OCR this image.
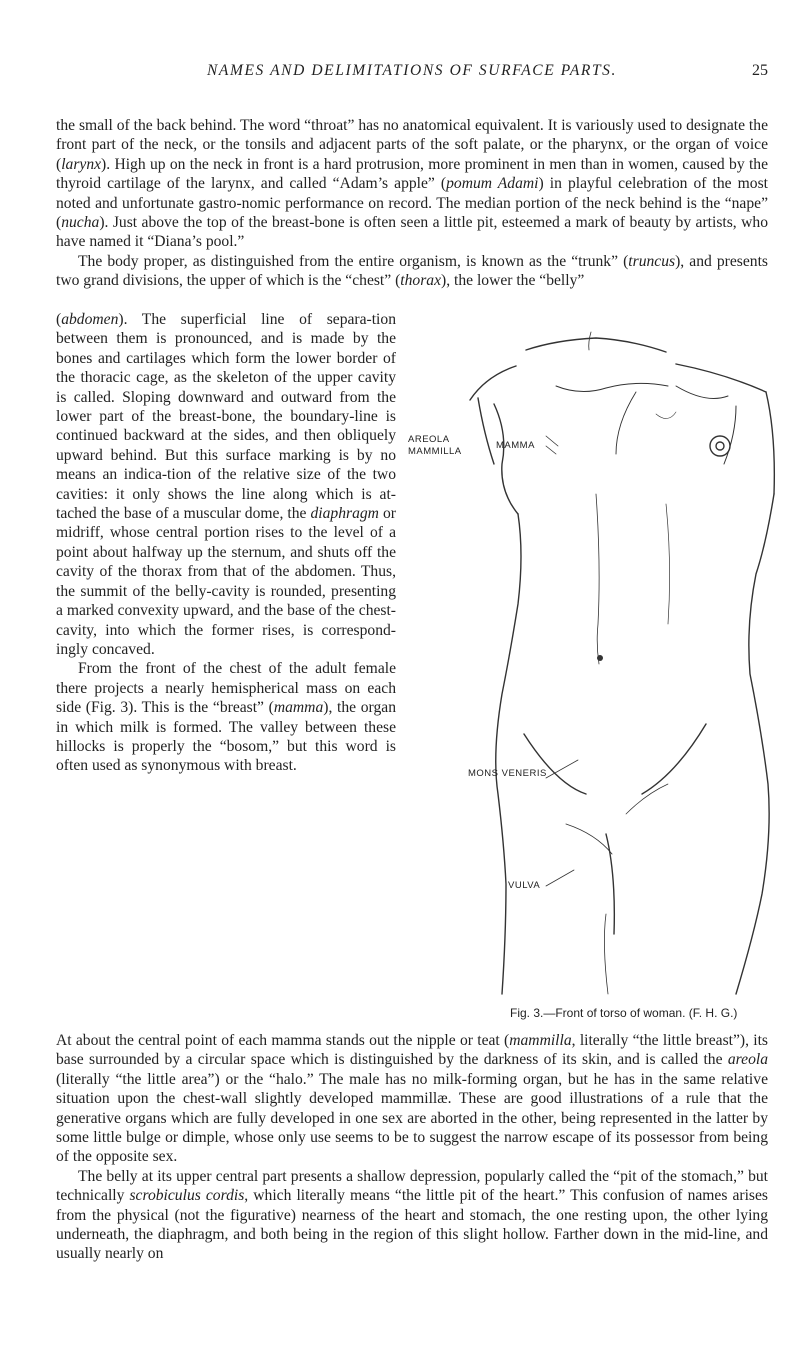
NAMES AND DELIMITATIONS OF SURFACE PARTS.	25

the small of the back behind. The word “throat” has no anatomical equivalent. It is variously used to designate the front part of the neck, or the tonsils and adjacent parts of the soft palate, or the pharynx, or the organ of voice (larynx). High up on the neck in front is a hard protrusion, more prominent in men than in women, caused by the thyroid cartilage of the larynx, and called “Adam’s apple” (pomum Adami) in playful celebration of the most noted and unfortunate gastro-nomic performance on record. The median portion of the neck behind is the “nape” (nucha). Just above the top of the breast-bone is often seen a little pit, esteemed a mark of beauty by artists, who have named it “Diana’s pool.”

The body proper, as distinguished from the entire organism, is known as the “trunk” (truncus), and presents two grand divisions, the upper of which is the “chest” (thorax), the lower the “belly”

(abdomen). The superficial line of separa-tion between them is pronounced, and is made by the bones and cartilages which form the lower border of the thoracic cage, as the skeleton of the upper cavity is called. Sloping downward and outward from the lower part of the breast-bone, the boundary-line is continued backward at the sides, and then obliquely upward behind. But this surface marking is by no means an indica-tion of the relative size of the two cavities: it only shows the line along which is at-tached the base of a muscular dome, the diaphragm or midriff, whose central portion rises to the level of a point about halfway up the sternum, and shuts off the cavity of the thorax from that of the abdomen. Thus, the summit of the belly-cavity is rounded, presenting a marked convexity upward, and the base of the chest-cavity, into which the former rises, is correspond-ingly concaved.

From the front of the chest of the adult female there projects a nearly hemispherical mass on each side (Fig. 3). This is the “breast” (mamma), the organ in which milk is formed. The valley between these hillocks is properly the “bosom,” but this word is often used as synonymous with breast.

AREOLA
MAMMILLA
MAMMA
MONS VENERIS
VULVA
Fig. 3.—Front of torso of woman. (F. H. G.)

At about the central point of each mamma stands out the nipple or teat (mammilla, literally “the little breast”), its base surrounded by a circular space which is distinguished by the darkness of its skin, and is called the areola (literally “the little area”) or the “halo.” The male has no milk-forming organ, but he has in the same relative situation upon the chest-wall slightly developed mammillæ. These are good illustrations of a rule that the generative organs which are fully developed in one sex are aborted in the other, being represented in the latter by some little bulge or dimple, whose only use seems to be to suggest the narrow escape of its possessor from being of the opposite sex.

The belly at its upper central part presents a shallow depression, popularly called the “pit of the stomach,” but technically scrobiculus cordis, which literally means “the little pit of the heart.” This confusion of names arises from the physical (not the figurative) nearness of the heart and stomach, the one resting upon, the other lying underneath, the diaphragm, and both being in the region of this slight hollow. Farther down in the mid-line, and usually nearly on
